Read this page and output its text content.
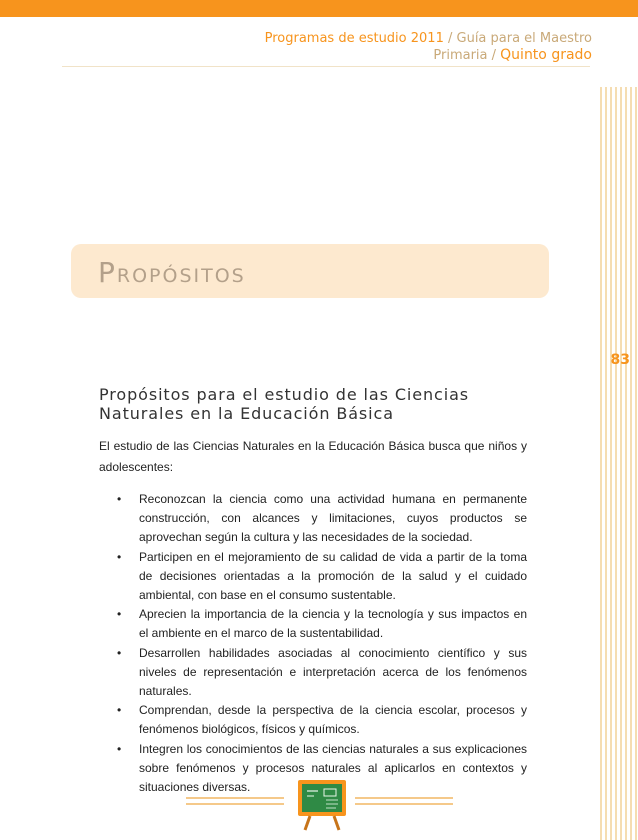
Programas de estudio 2011 / Guía para el Maestro
Primaria / Quinto grado
PROPÓSITOS
83
Propósitos para el estudio de las Ciencias Naturales en la Educación Básica
El estudio de las Ciencias Naturales en la Educación Básica busca que niños y adolescentes:
• Reconozcan la ciencia como una actividad humana en permanente construcción, con alcances y limitaciones, cuyos productos se aprovechan según la cultura y las necesidades de la sociedad.
• Participen en el mejoramiento de su calidad de vida a partir de la toma de decisiones orientadas a la promoción de la salud y el cuidado ambiental, con base en el consumo sustentable.
• Aprecien la importancia de la ciencia y la tecnología y sus impactos en el ambiente en el marco de la sustentabilidad.
• Desarrollen habilidades asociadas al conocimiento científico y sus niveles de representación e interpretación acerca de los fenómenos naturales.
• Comprendan, desde la perspectiva de la ciencia escolar, procesos y fenómenos biológicos, físicos y químicos.
• Integren los conocimientos de las ciencias naturales a sus explicaciones sobre fenómenos y procesos naturales al aplicarlos en contextos y situaciones diversas.
